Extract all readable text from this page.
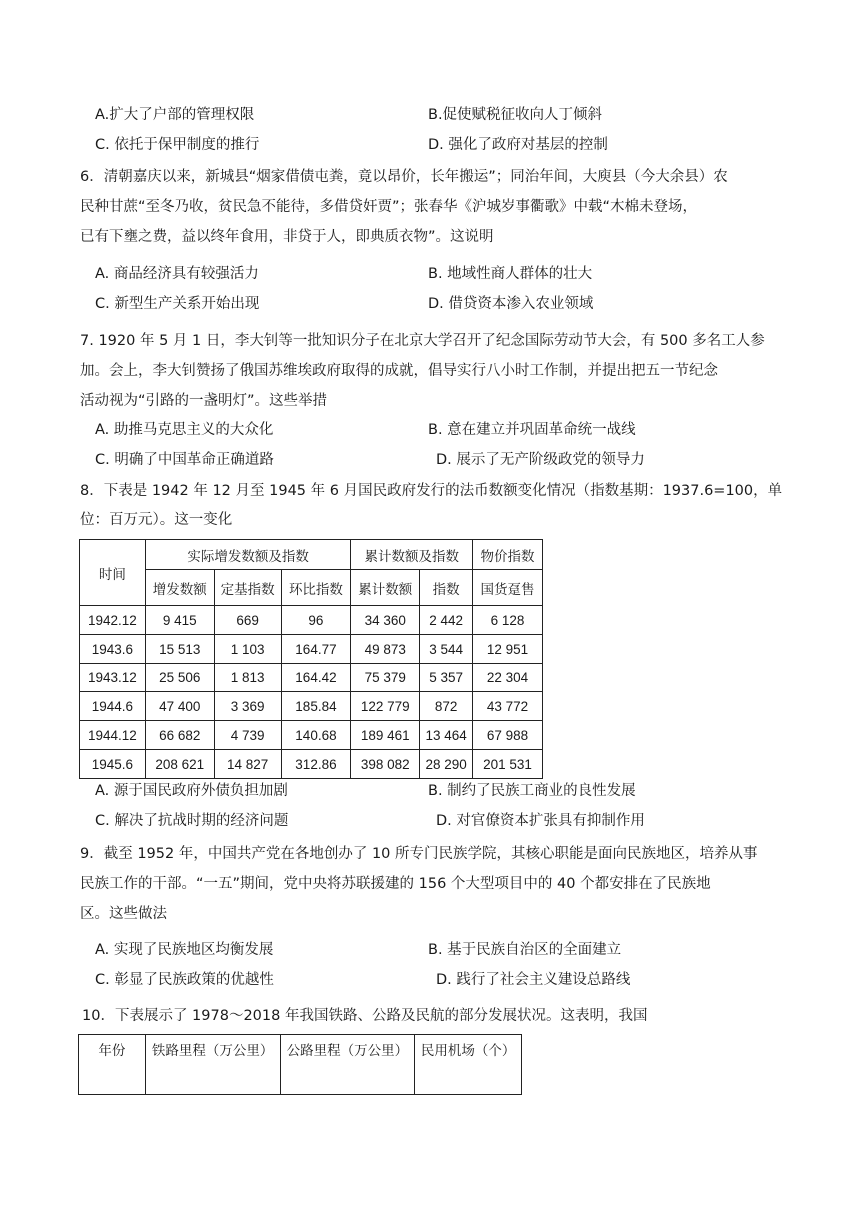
A.扩大了户部的管理权限	B.促使赋税征收向人丁倾斜
C. 依托于保甲制度的推行	D. 强化了政府对基层的控制
6．清朝嘉庆以来，新城县“烟家借债屯粪，竟以昂价，长年搬运”；同治年间，大庾县（今大余县）农
民种甘蔗“至冬乃收，贫民急不能待，多借贷奸贾”；张春华《沪城岁事衢歌》中载“木棉未登场，
已有下壅之费，益以终年食用，非贷于人，即典质衣物”。这说明
A. 商品经济具有较强活力	B. 地域性商人群体的壮大
C. 新型生产关系开始出现	D. 借贷资本渗入农业领域
7. 1920 年 5 月 1 日，李大钊等一批知识分子在北京大学召开了纪念国际劳动节大会，有 500 多名工人参
加。会上，李大钊赞扬了俄国苏维埃政府取得的成就，倡导实行八小时工作制，并提出把五一节纪念
活动视为“引路的一盏明灯”。这些举措
A. 助推马克思主义的大众化	B. 意在建立并巩固革命统一战线
C. 明确了中国革命正确道路	D. 展示了无产阶级政党的领导力
8．下表是 1942 年 12 月至 1945 年 6 月国民政府发行的法币数额变化情况（指数基期：1937.6=100，单
位：百万元）。这一变化
时间	实际增发数额及指数			累计数额及指数		物价指数
	增发数额	定基指数	环比指数	累计数额	指数	国货趸售
1942.12	9 415	669	96	34 360	2 442	6 128
1943.6	15 513	1 103	164.77	49 873	3 544	12 951
1943.12	25 506	1 813	164.42	75 379	5 357	22 304
1944.6	47 400	3 369	185.84	122 779	872	43 772
1944.12	66 682	4 739	140.68	189 461	13 464	67 988
1945.6	208 621	14 827	312.86	398 082	28 290	201 531
A. 源于国民政府外债负担加剧	B. 制约了民族工商业的良性发展
C. 解决了抗战时期的经济问题	D. 对官僚资本扩张具有抑制作用
9．截至 1952 年，中国共产党在各地创办了 10 所专门民族学院，其核心职能是面向民族地区，培养从事
民族工作的干部。“一五”期间，党中央将苏联援建的 156 个大型项目中的 40 个都安排在了民族地
区。这些做法
A. 实现了民族地区均衡发展	B. 基于民族自治区的全面建立
C. 彰显了民族政策的优越性	D. 践行了社会主义建设总路线
10．下表展示了 1978～2018 年我国铁路、公路及民航的部分发展状况。这表明，我国
年份	铁路里程（万公里）	公路里程（万公里）	民用机场（个）
